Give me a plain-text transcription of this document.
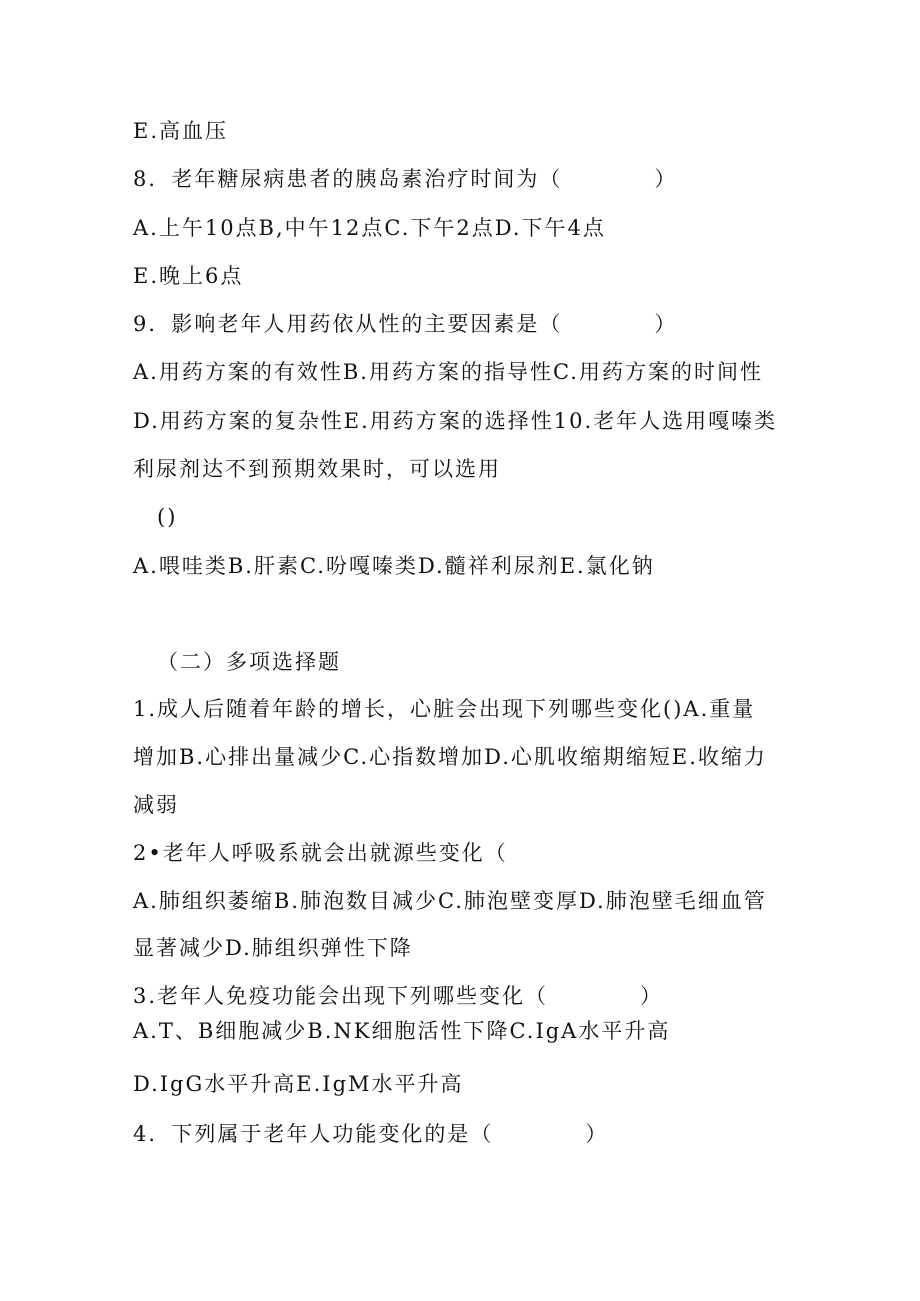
E.高血压
8．老年糖尿病患者的胰岛素治疗时间为（　　　　）
A.上午10点B,中午12点C.下午2点D.下午4点
E.晚上6点
9．影响老年人用药依从性的主要因素是（　　　　）
A.用药方案的有效性B.用药方案的指导性C.用药方案的时间性
D.用药方案的复杂性E.用药方案的选择性10.老年人选用嘎嗪类
利尿剂达不到预期效果时，可以选用
()
A.喂哇类B.肝素C.吩嘎嗪类D.髓祥利尿剂E.氯化钠
（二）多项选择题
1.成人后随着年龄的增长，心脏会出现下列哪些变化()A.重量
增加B.心排出量减少C.心指数增加D.心肌收缩期缩短E.收缩力
减弱
2•老年人呼吸系就会出就源些变化（
A.肺组织萎缩B.肺泡数目减少C.肺泡壁变厚D.肺泡壁毛细血管
显著减少D.肺组织弹性下降
3.老年人免疫功能会出现下列哪些变化（　　　　）
A.T、B细胞减少B.NK细胞活性下降C.IgA水平升高
D.IgG水平升高E.IgM水平升高
4．下列属于老年人功能变化的是（　　　　）
